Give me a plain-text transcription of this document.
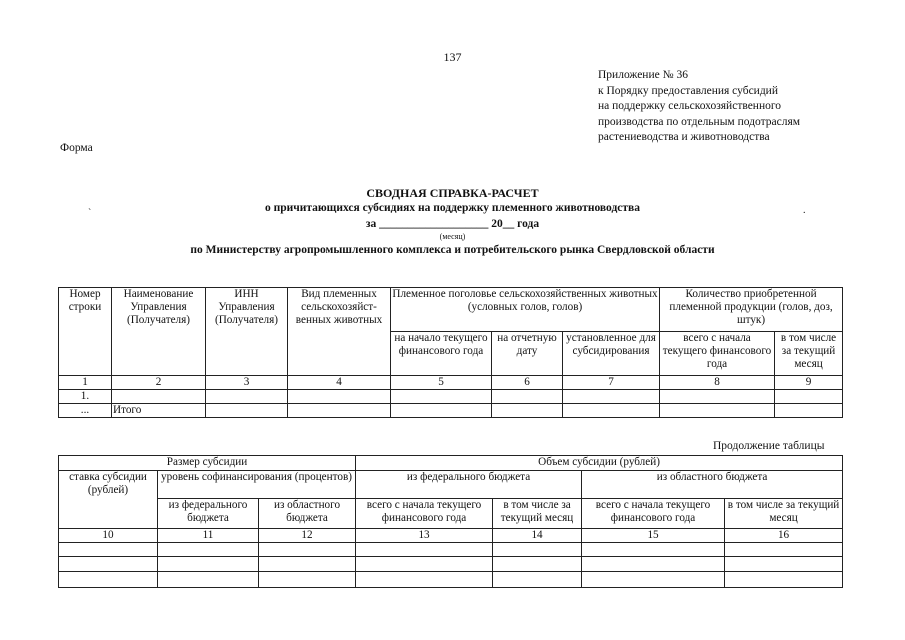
137
Приложение № 36
к Порядку предоставления субсидий
на поддержку сельскохозяйственного
производства по отдельным подотраслям
растениеводства и животноводства
Форма
СВОДНАЯ СПРАВКА-РАСЧЕТ
о причитающихся субсидиях на поддержку племенного животноводства
за ___________________ 20__ года
(месяц)
по Министерству агропромышленного комплекса и потребительского рынка Свердловской области
`	.
Номер строки	Наименование Управления (Получателя)	ИНН Управления (Получателя)	Вид племенных сельскохозяйст-венных животных	Племенное поголовье сельскохозяйственных животных (условных голов, голов)			Количество приобретенной племенной продукции (голов, доз, штук)	
				на начало текущего финансового года	на отчетную дату	установленное для субсидирования	всего с начала текущего финансового года	в том числе за текущий месяц
1	2	3	4	5	6	7	8	9
1.								
...	Итого							
Продолжение таблицы
Размер субсидии			Объем субсидии (рублей)			
ставка субсидии (рублей)	уровень софинансирования (процентов)		из федерального бюджета		из областного бюджета	
	из федерального бюджета	из областного бюджета	всего с начала текущего финансового года	в том числе за текущий месяц	всего с начала текущего финансового года	в том числе за текущий месяц
10	11	12	13	14	15	16
